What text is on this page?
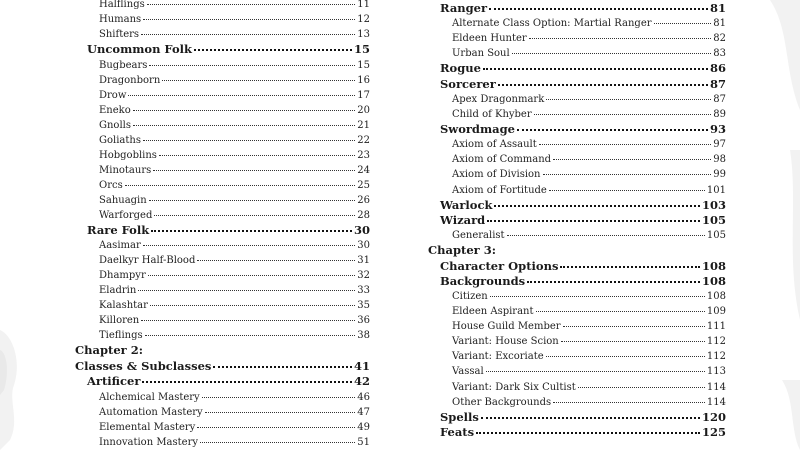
Halflings	11
Humans	12
Shifters	13
Uncommon Folk	15
Bugbears	15
Dragonborn	16
Drow	17
Eneko	20
Gnolls	21
Goliaths	22
Hobgoblins	23
Minotaurs	24
Orcs	25
Sahuagin	26
Warforged	28
Rare Folk	30
Aasimar	30
Daelkyr Half-Blood	31
Dhampyr	32
Eladrin	33
Kalashtar	35
Killoren	36
Tieflings	38
Chapter 2:
Classes & Subclasses	41
Artificer	42
Alchemical Mastery	46
Automation Mastery	47
Elemental Mastery	49
Innovation Mastery	51
Ranger	81
Alternate Class Option: Martial Ranger	81
Eldeen Hunter	82
Urban Soul	83
Rogue	86
Sorcerer	87
Apex Dragonmark	87
Child of Khyber	89
Swordmage	93
Axiom of Assault	97
Axiom of Command	98
Axiom of Division	99
Axiom of Fortitude	101
Warlock	103
Wizard	105
Generalist	105
Chapter 3:
Character Options	108
Backgrounds	108
Citizen	108
Eldeen Aspirant	109
House Guild Member	111
Variant: House Scion	112
Variant: Excoriate	112
Vassal	113
Variant: Dark Six Cultist	114
Other Backgrounds	114
Spells	120
Feats	125
